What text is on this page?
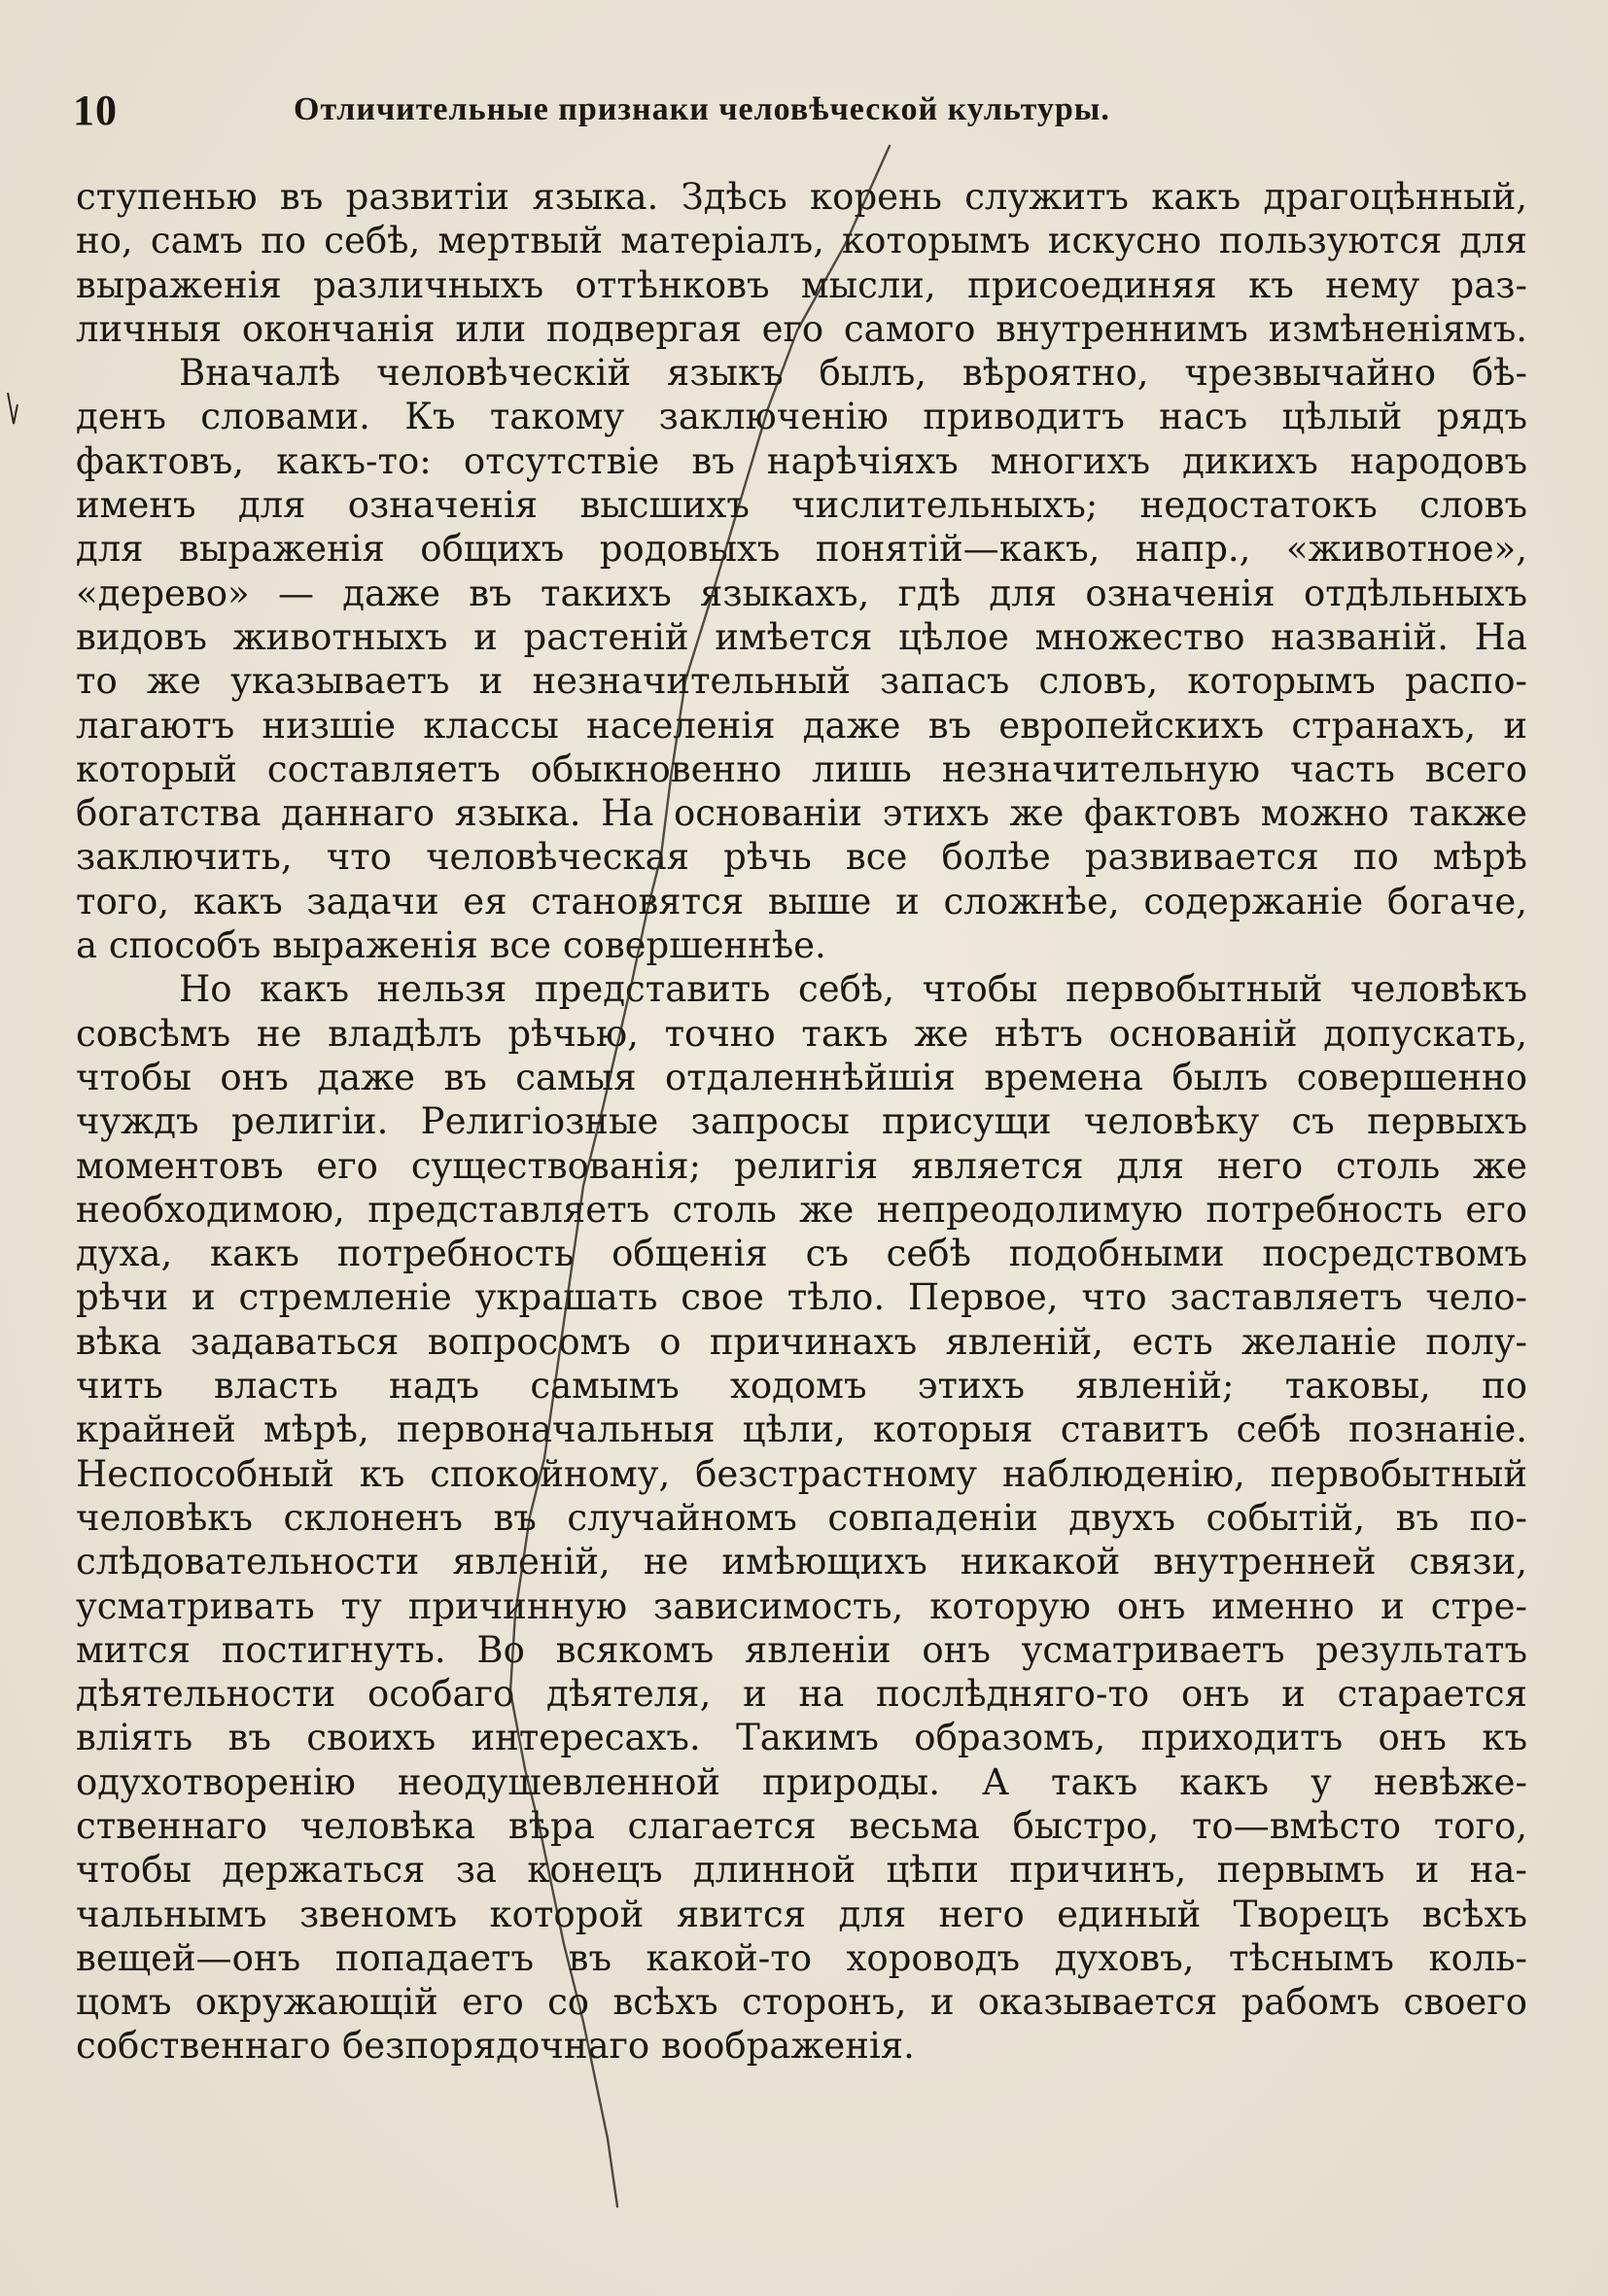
10	Отличительные признаки человѣческой культуры.
ступенью въ развитіи языка. Здѣсь корень служитъ какъ драгоцѣнный,
но, самъ по себѣ, мертвый матеріалъ, которымъ искусно пользуются для
выраженія различныхъ оттѣнковъ мысли, присоединяя къ нему раз-
личныя окончанія или подвергая его самого внутреннимъ измѣненіямъ.
Вначалѣ человѣческій языкъ былъ, вѣроятно, чрезвычайно бѣ-
денъ словами. Къ такому заключенію приводитъ насъ цѣлый рядъ
фактовъ, какъ-то: отсутствіе въ нарѣчіяхъ многихъ дикихъ народовъ
именъ для означенія высшихъ числительныхъ; недостатокъ словъ
для выраженія общихъ родовыхъ понятій—какъ, напр., «животное»,
«дерево» — даже въ такихъ языкахъ, гдѣ для означенія отдѣльныхъ
видовъ животныхъ и растеній имѣется цѣлое множество названій. На
то же указываетъ и незначительный запасъ словъ, которымъ распо-
лагаютъ низшіе классы населенія даже въ европейскихъ странахъ, и
который составляетъ обыкновенно лишь незначительную часть всего
богатства даннаго языка. На основаніи этихъ же фактовъ можно также
заключить, что человѣческая рѣчь все болѣе развивается по мѣрѣ
того, какъ задачи ея становятся выше и сложнѣе, содержаніе богаче,
а способъ выраженія все совершеннѣе.
Но какъ нельзя представить себѣ, чтобы первобытный человѣкъ
совсѣмъ не владѣлъ рѣчью, точно такъ же нѣтъ основаній допускать,
чтобы онъ даже въ самыя отдаленнѣйшія времена былъ совершенно
чуждъ религіи. Религіозные запросы присущи человѣку съ первыхъ
моментовъ его существованія; религія является для него столь же
необходимою, представляетъ столь же непреодолимую потребность его
духа, какъ потребность общенія съ себѣ подобными посредствомъ
рѣчи и стремленіе украшать свое тѣло. Первое, что заставляетъ чело-
вѣка задаваться вопросомъ о причинахъ явленій, есть желаніе полу-
чить власть надъ самымъ ходомъ этихъ явленій; таковы, по
крайней мѣрѣ, первоначальныя цѣли, которыя ставитъ себѣ познаніе.
Неспособный къ спокойному, безстрастному наблюденію, первобытный
человѣкъ склоненъ въ случайномъ совпаденіи двухъ событій, въ по-
слѣдовательности явленій, не имѣющихъ никакой внутренней связи,
усматривать ту причинную зависимость, которую онъ именно и стре-
мится постигнуть. Во всякомъ явленіи онъ усматриваетъ результатъ
дѣятельности особаго дѣятеля, и на послѣдняго-то онъ и старается
вліять въ своихъ интересахъ. Такимъ образомъ, приходитъ онъ къ
одухотворенію неодушевленной природы. А такъ какъ у невѣже-
ственнаго человѣка вѣра слагается весьма быстро, то—вмѣсто того,
чтобы держаться за конецъ длинной цѣпи причинъ, первымъ и на-
чальнымъ звеномъ которой явится для него единый Творецъ всѣхъ
вещей—онъ попадаетъ въ какой-то хороводъ духовъ, тѣснымъ коль-
цомъ окружающій его со всѣхъ сторонъ, и оказывается рабомъ своего
собственнаго безпорядочнаго воображенія.
